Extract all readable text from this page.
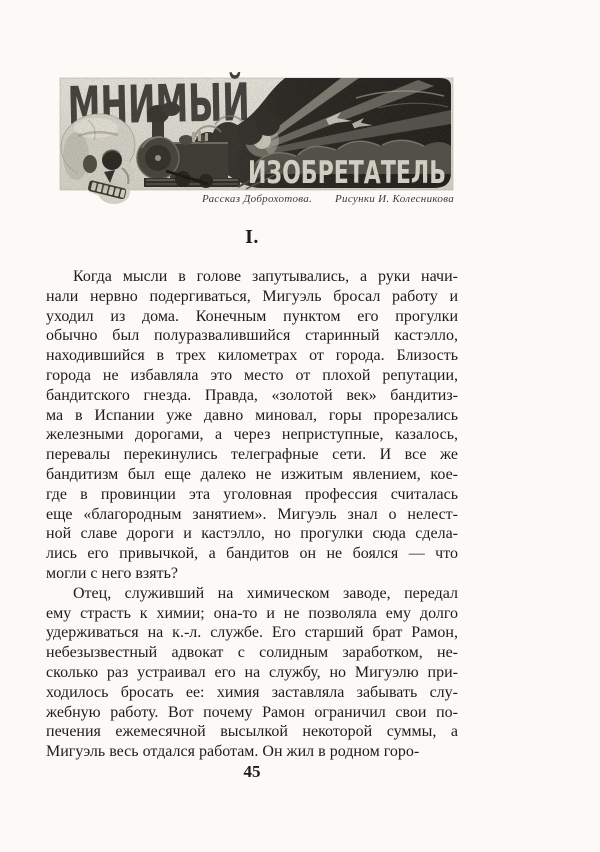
Рассказ Доброхотова. Рисунки И. Колесникова
I.
Когда мысли в голове запутывались, а руки начи-
нали нервно подергиваться, Мигуэль бросал работу и
уходил из дома. Конечным пунктом его прогулки
обычно был полуразвалившийся старинный кастэлло,
находившийся в трех километрах от города. Близость
города не избавляла это место от плохой репутации,
бандитского гнезда. Правда, «золотой век» бандитиз-
ма в Испании уже давно миновал, горы прорезались
железными дорогами, а через неприступные, казалось,
перевалы перекинулись телеграфные сети. И все же
бандитизм был еще далеко не изжитым явлением, кое-
где в провинции эта уголовная профессия считалась
еще «благородным занятием». Мигуэль знал о нелест-
ной славе дороги и кастэлло, но прогулки сюда сдела-
лись его привычкой, а бандитов он не боялся — что
могли с него взять?
Отец, служивший на химическом заводе, передал
ему страсть к химии; она-то и не позволяла ему долго
удерживаться на к.-л. службе. Его старший брат Рамон,
небезызвестный адвокат с солидным заработком, не-
сколько раз устраивал его на службу, но Мигуэлю при-
ходилось бросать ее: химия заставляла забывать слу-
жебную работу. Вот почему Рамон ограничил свои по-
печения ежемесячной высылкой некоторой суммы, а
Мигуэль весь отдался работам. Он жил в родном горо-
45
